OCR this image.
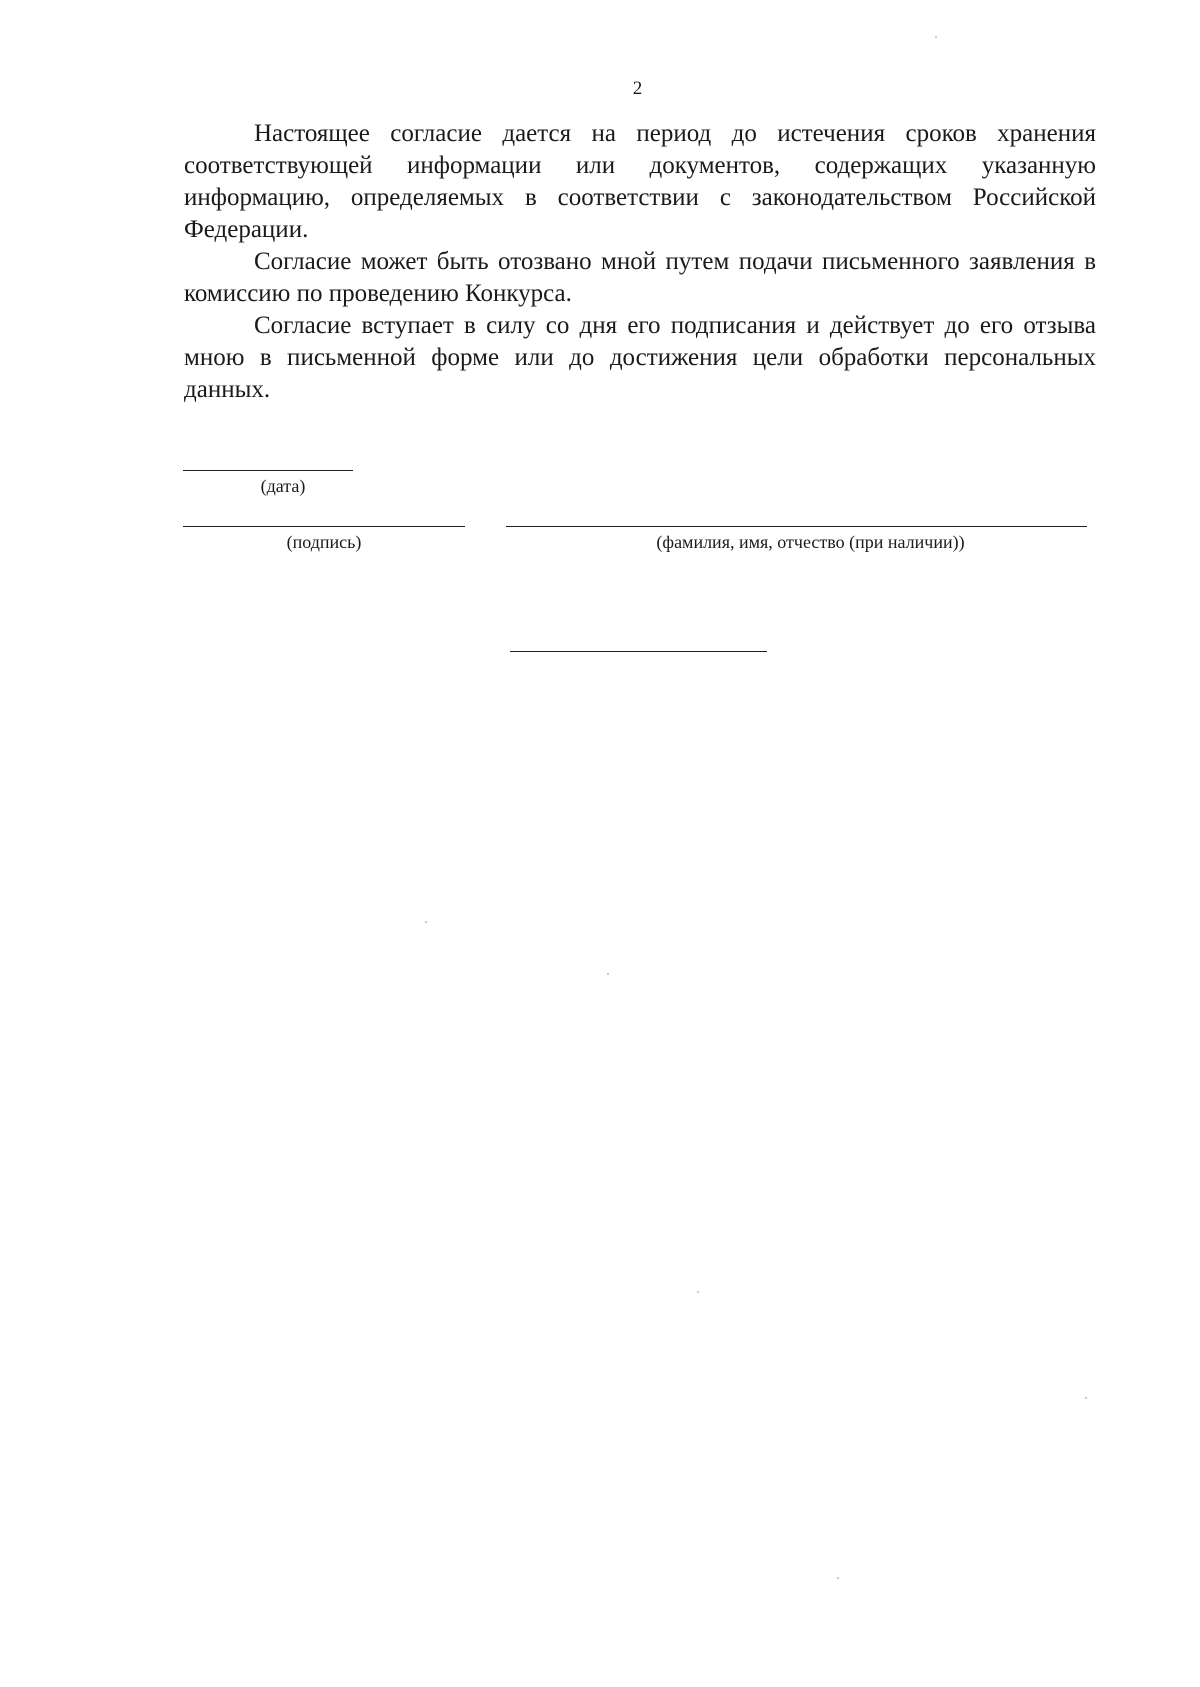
2

Настоящее согласие дается на период до истечения сроков хранения соответствующей информации или документов, содержащих указанную информацию, определяемых в соответствии с законодательством Российской Федерации.

Согласие может быть отозвано мной путем подачи письменного заявления в комиссию по проведению Конкурса.

Согласие вступает в силу со дня его подписания и действует до его отзыва мною в письменной форме или до достижения цели обработки персональных данных.

(дата)
(подпись)	(фамилия, имя, отчество (при наличии))
